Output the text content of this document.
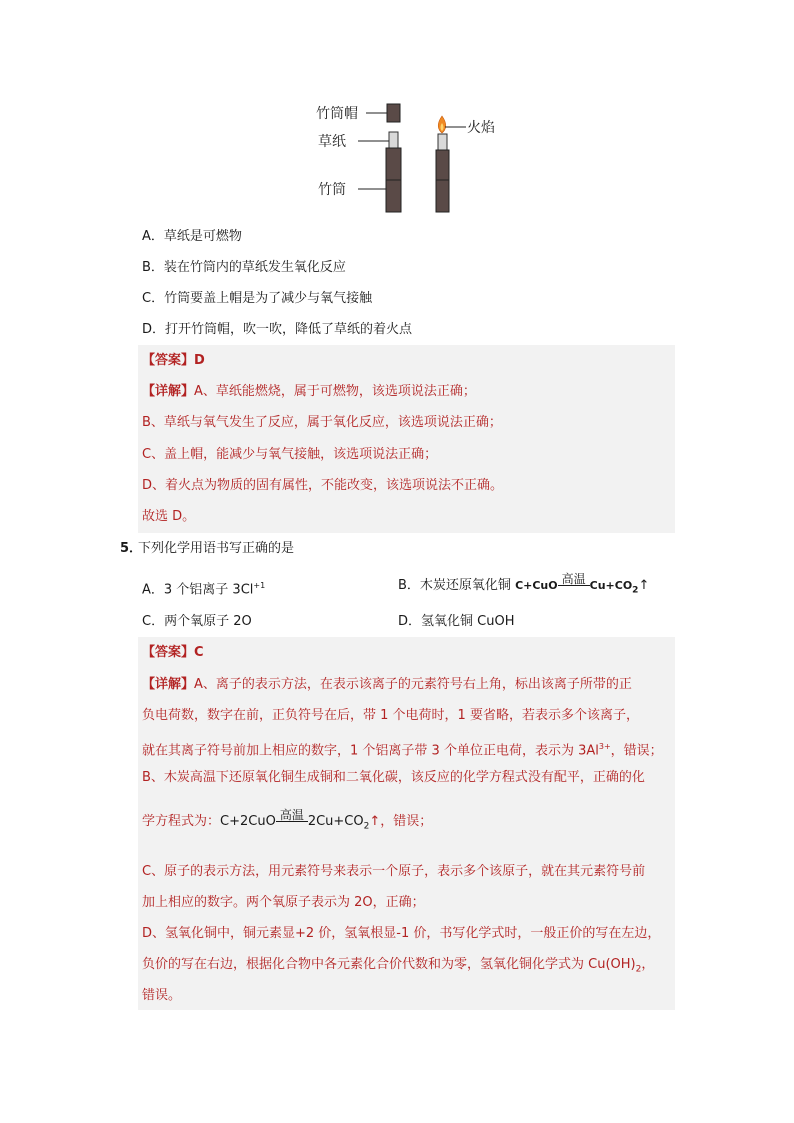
竹筒帽
草纸
竹筒
火焰
A．草纸是可燃物
B．装在竹筒内的草纸发生氧化反应
C．竹筒要盖上帽是为了减少与氧气接触
D．打开竹筒帽，吹一吹，降低了草纸的着火点
【答案】D
【详解】A、草纸能燃烧，属于可燃物，该选项说法正确；
B、草纸与氧气发生了反应，属于氧化反应，该选项说法正确；
C、盖上帽，能减少与氧气接触，该选项说法正确；
D、着火点为物质的固有属性，不能改变，该选项说法不正确。
故选 D。
5．
下列化学用语书写正确的是
A．3 个铝离子 $3Cl^{+1}$	B．木炭还原氧化铜 C+CuO 高温 $Cu+CO_2↑$
C．两个氧原子 2O	D．氢氧化铜 CuOH
【答案】C
【详解】A、离子的表示方法，在表示该离子的元素符号右上角，标出该离子所带的正
负电荷数，数字在前，正负符号在后，带 1 个电荷时，1 要省略，若表示多个该离子，
就在其离子符号前加上相应的数字，1 个铝离子带 3 个单位正电荷，表示为 $3Al^{3+}$，错误；
B、木炭高温下还原氧化铜生成铜和二氧化碳，该反应的化学方程式没有配平，正确的化
学方程式为：C+2CuO 高温 $2Cu+CO_2↑$，错误；
C、原子的表示方法，用元素符号来表示一个原子，表示多个该原子，就在其元素符号前
加上相应的数字。两个氧原子表示为 2O，正确；
D、氢氧化铜中，铜元素显+2 价，氢氧根显-1 价，书写化学式时，一般正价的写在左边，
负价的写在右边，根据化合物中各元素化合价代数和为零，氢氧化铜化学式为 $Cu(OH)_2$，
错误。
